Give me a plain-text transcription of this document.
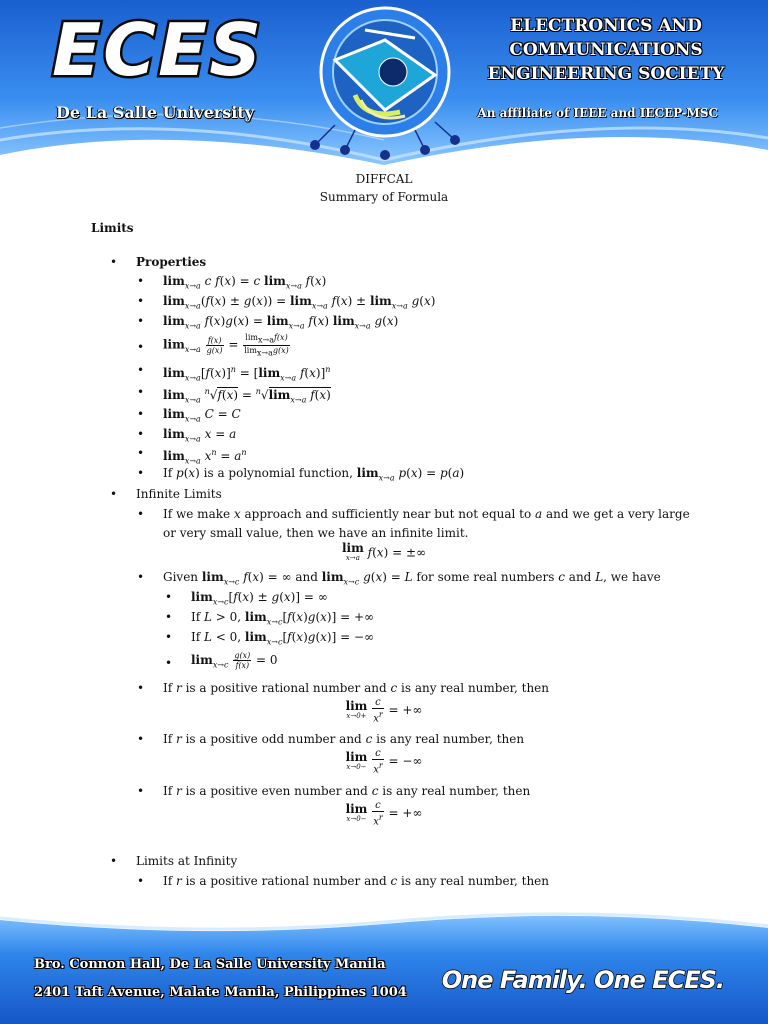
ECES
De La Salle University
ELECTRONICS AND
COMMUNICATIONS
ENGINEERING SOCIETY
An affiliate of IEEE and IECEP-MSC
DIFFCAL
Summary of Formula
Limits
• Properties
• $\lim_{x\to a} c$ f(x) = c $\lim_{x\to a} f(x)$
• $\lim_{x\to a}(f(x) \pm g(x)) = \lim_{x\to a} f(x) \pm \lim_{x\to a} g(x)$
• $\lim_{x\to a} f(x)g(x) = \lim_{x\to a} f(x)$ $\lim_{x\to a} g(x)$
• $\lim_{x\to a} \frac{f(x)}{g(x)} = \frac{\lim_{x\to a}f(x)}{\lim_{x\to a}g(x)}$
• $\lim_{x\to a}[f(x)]^n = [\lim_{x\to a}$ f(x)]$^n$
• $\lim_{x\to a} ^n√f(x) = ^n√\lim_{x\to a}$ f(x)
• $\lim_{x\to a} C = C$
• $\lim_{x\to a} x = a$
• $\lim_{x\to a} x^n = a^n$
• If p(x) is a polynomial function, $\lim_{x\to a} p(x) = p(a)$
• Infinite Limits
• If we make x approach and sufficiently near but not equal to a and we get a very large
or very small value, then we have an infinite limit.
lim
x→a f(x) = ±∞
• Given $\lim_{x\to c} f(x)$ = ∞ and $\lim_{x\to c} g(x) = L$ for some real numbers c and L, we have
• $\lim_{x\to c}[f(x) \pm g(x)]$ = ∞
• If L > 0, $\lim_{x\to c}[f(x)g(x)]$ = +∞
• If L < 0, $\lim_{x\to c}[f(x)g(x)]$ = −∞
• $\lim_{x\to c} \frac{g(x)}{f(x)} = 0$
• If r is a positive rational number and c is any real number, then
lim
x→0+
$\frac{c}{x^r}$ = +∞
• If r is a positive odd number and c is any real number, then
lim
x→0−
$\frac{c}{x^r}$ = −∞
• If r is a positive even number and c is any real number, then
lim
x→0−
$\frac{c}{x^r}$ = +∞
• Limits at Infinity
• If r is a positive rational number and c is any real number, then
Bro. Connon Hall, De La Salle University Manila
2401 Taft Avenue, Malate Manila, Philippines 1004 One Family. One ECES.
